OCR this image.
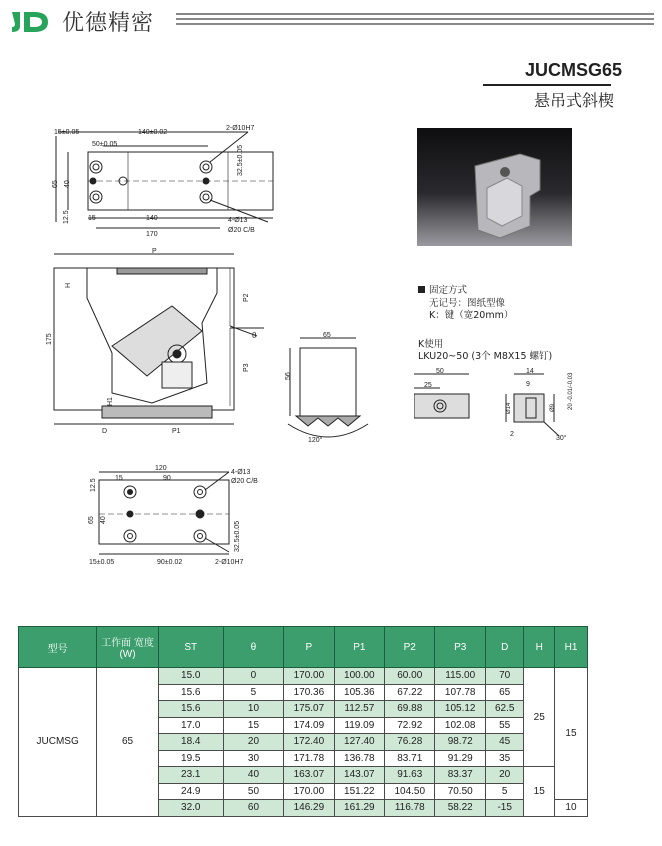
优德精密
JUCMSG65
悬吊式斜楔
15±0.05	140±0.02
2-Ø10H7
50±0.05
65 40
32.5±0.05
12.5	15	140
170
4-Ø13
Ø20 C/B
P
H
P2
P3
175	θ
H1
D	P1
65
56
120°
120
4-Ø13
Ø20 C/B
12.5	15	90
65 40
32.5±0.05
15±0.05	90±0.02	2-Ø10H7
固定方式
无记号：图纸型像
K：键（宽20mm）
K使用
LKU20~50 (3个 M8X15 螺钉)
50
25
14
9	20 -0.01/-0.03
Ø9
Ø14
2
30°
型号	工作面 宽度(W)	ST	θ	P	P1	P2	P3	D	H	H1
JUCMSG	65	15.0	0	170.00	100.00	60.00	115.00	70	25	15
		15.6	5	170.36	105.36	67.22	107.78	65		
		15.6	10	175.07	112.57	69.88	105.12	62.5		
		17.0	15	174.09	119.09	72.92	102.08	55		
		18.4	20	172.40	127.40	76.28	98.72	45		
		19.5	30	171.78	136.78	83.71	91.29	35		
		23.1	40	163.07	143.07	91.63	83.37	20	15	
		24.9	50	170.00	151.22	104.50	70.50	5		
		32.0	60	146.29	161.29	116.78	58.22	-15		10
